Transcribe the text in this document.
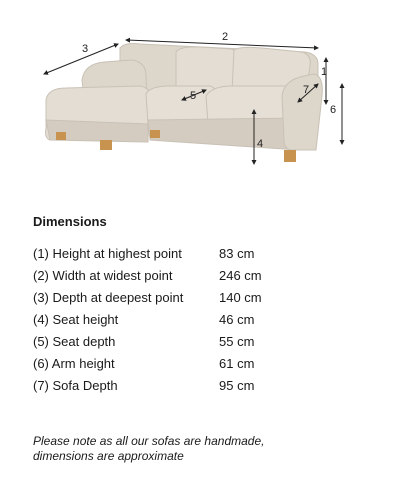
1
2
3
4
5
6
7
Dimensions
(1) Height at highest point	83 cm
(2) Width at widest point	246 cm
(3) Depth at deepest point	140 cm
(4) Seat height	46 cm
(5) Seat depth	55 cm
(6) Arm height	61 cm
(7) Sofa Depth	95 cm

Please note as all our sofas are handmade,
dimensions are approximate
